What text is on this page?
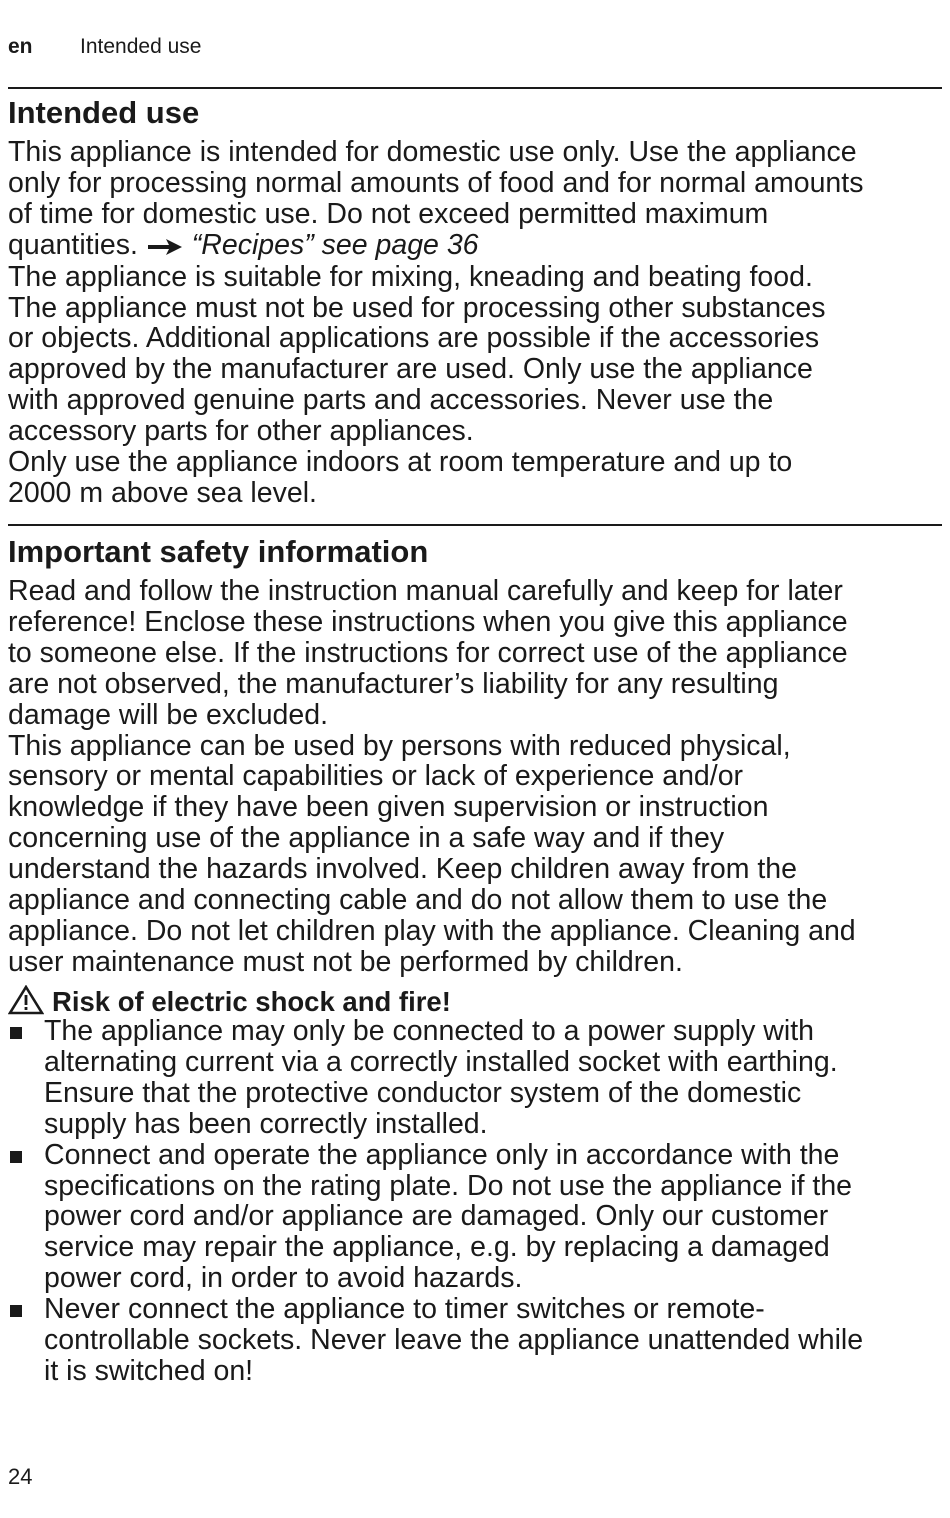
en Intended use
Intended use
This appliance is intended for domestic use only. Use the appliance
only for processing normal amounts of food and for normal amounts
of time for domestic use. Do not exceed permitted maximum
quantities. “Recipes” see page 36
The appliance is suitable for mixing, kneading and beating food.
The appliance must not be used for processing other substances
or objects. Additional applications are possible if the accessories
approved by the manufacturer are used. Only use the appliance
with approved genuine parts and accessories. Never use the
accessory parts for other appliances.
Only use the appliance indoors at room temperature and up to
2000 m above sea level.
Important safety information
Read and follow the instruction manual carefully and keep for later
reference! Enclose these instructions when you give this appliance
to someone else. If the instructions for correct use of the appliance
are not observed, the manufacturer’s liability for any resulting
damage will be excluded.
This appliance can be used by persons with reduced physical,
sensory or mental capabilities or lack of experience and/or
knowledge if they have been given supervision or instruction
concerning use of the appliance in a safe way and if they
understand the hazards involved. Keep children away from the
appliance and connecting cable and do not allow them to use the
appliance. Do not let children play with the appliance. Cleaning and
user maintenance must not be performed by children.
Risk of electric shock and fire!
The appliance may only be connected to a power supply with
alternating current via a correctly installed socket with earthing.
Ensure that the protective conductor system of the domestic
supply has been correctly installed.
Connect and operate the appliance only in accordance with the
specifications on the rating plate. Do not use the appliance if the
power cord and/or appliance are damaged. Only our customer
service may repair the appliance, e.g. by replacing a damaged
power cord, in order to avoid hazards.
Never connect the appliance to timer switches or remote-
controllable sockets. Never leave the appliance unattended while
it is switched on!
24
